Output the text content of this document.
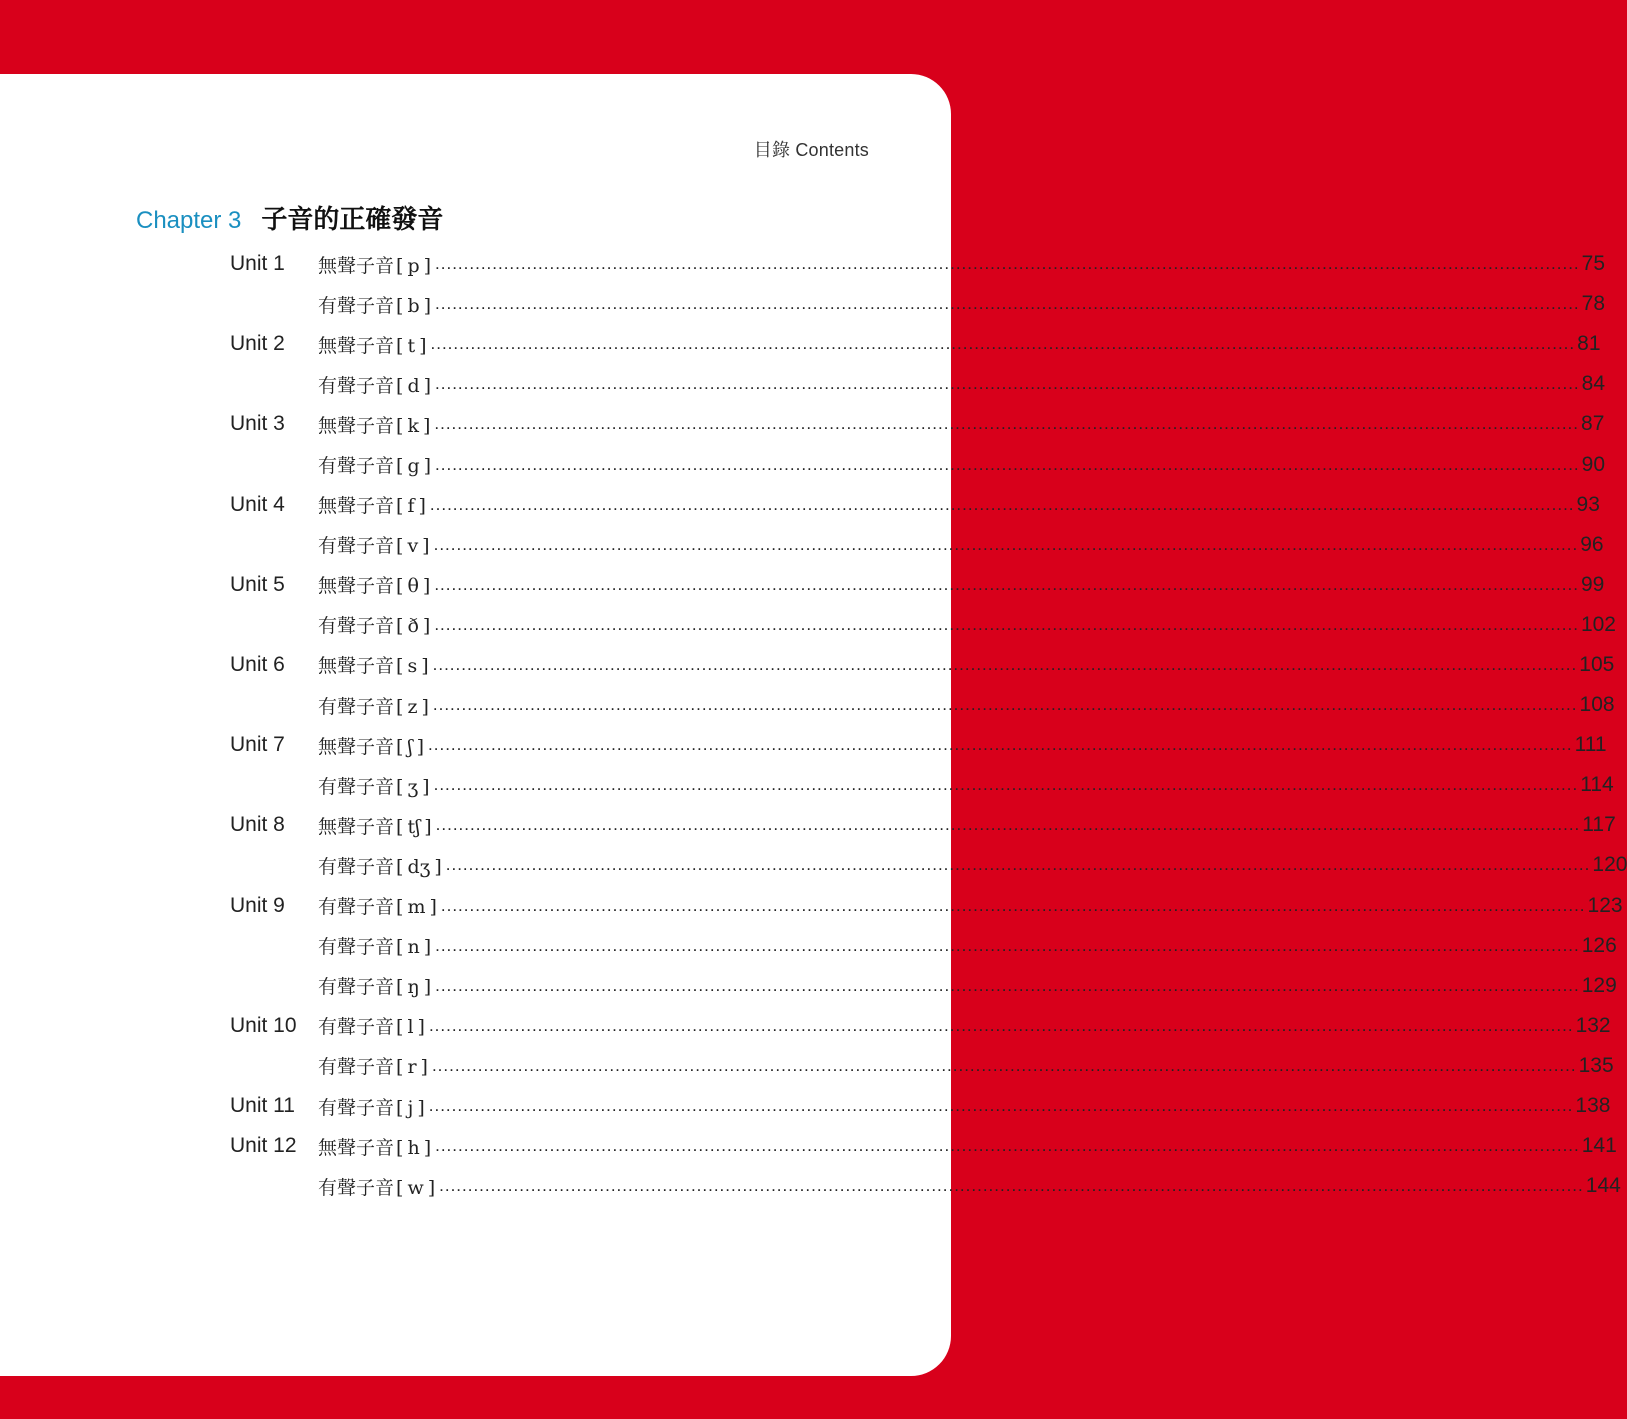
目錄 Contents
Chapter 3 子音的正確發音
Unit 1	無聲子音 [ p ] ........................................................................................................................................................................................................ 75
有聲子音 [ b ] ........................................................................................................................................................................................................ 78
Unit 2	無聲子音 [ t ] ........................................................................................................................................................................................................ 81
有聲子音 [ d ] ........................................................................................................................................................................................................ 84
Unit 3	無聲子音 [ k ] ........................................................................................................................................................................................................ 87
有聲子音 [ g ] ........................................................................................................................................................................................................ 90
Unit 4	無聲子音 [ f ] ........................................................................................................................................................................................................ 93
有聲子音 [ v ] ........................................................................................................................................................................................................ 96
Unit 5	無聲子音 [ θ ] ........................................................................................................................................................................................................ 99
有聲子音 [ ð ] ........................................................................................................................................................................................................ 102
Unit 6	無聲子音 [ s ] ........................................................................................................................................................................................................ 105
有聲子音 [ z ] ........................................................................................................................................................................................................ 108
Unit 7	無聲子音 [ ʃ ] ........................................................................................................................................................................................................ 111
有聲子音 [ ʒ ] ........................................................................................................................................................................................................ 114
Unit 8	無聲子音 [ tʃ ] ........................................................................................................................................................................................................ 117
有聲子音 [ dʒ ] ........................................................................................................................................................................................................ 120
Unit 9	有聲子音 [ m ] ........................................................................................................................................................................................................ 123
有聲子音 [ n ] ........................................................................................................................................................................................................ 126
有聲子音 [ ŋ ] ........................................................................................................................................................................................................ 129
Unit 10	有聲子音 [ l ] ........................................................................................................................................................................................................ 132
有聲子音 [ r ] ........................................................................................................................................................................................................ 135
Unit 11	有聲子音 [ j ] ........................................................................................................................................................................................................ 138
Unit 12	無聲子音 [ h ] ........................................................................................................................................................................................................ 141
有聲子音 [ w ] ........................................................................................................................................................................................................ 144
